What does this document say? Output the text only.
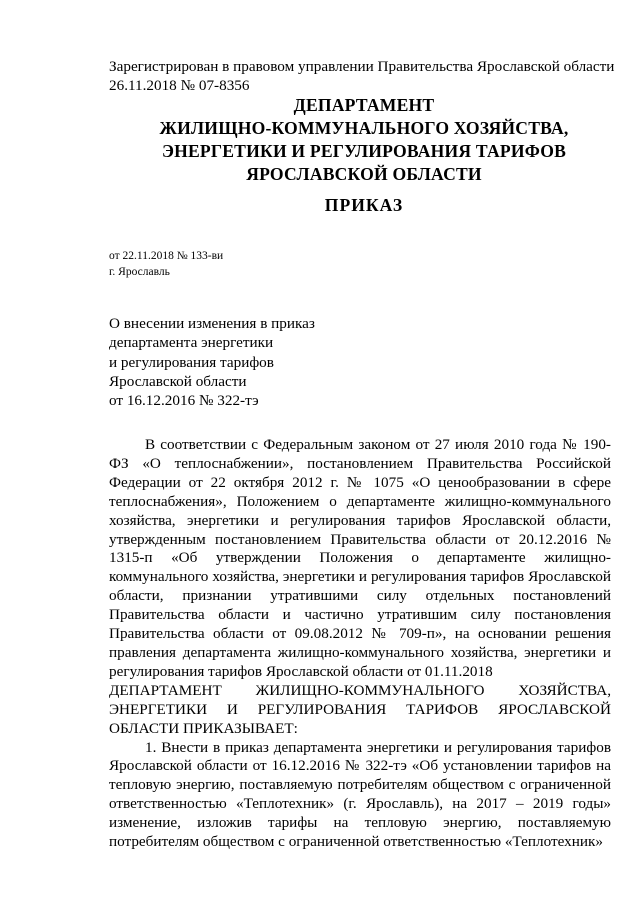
Зарегистрирован в правовом управлении Правительства Ярославской области
26.11.2018 № 07-8356
ДЕПАРТАМЕНТ
ЖИЛИЩНО-КОММУНАЛЬНОГО ХОЗЯЙСТВА,
ЭНЕРГЕТИКИ И РЕГУЛИРОВАНИЯ ТАРИФОВ
ЯРОСЛАВСКОЙ ОБЛАСТИ
ПРИКАЗ
от 22.11.2018 № 133-ви
г. Ярославль
О внесении изменения в приказ
департамента энергетики
и регулирования тарифов
Ярославской области
от 16.12.2016 № 322-тэ

В соответствии с Федеральным законом от 27 июля 2010 года № 190-ФЗ «О теплоснабжении», постановлением Правительства Российской Федерации от 22 октября 2012 г. № 1075 «О ценообразовании в сфере теплоснабжения», Положением о департаменте жилищно-коммунального хозяйства, энергетики и регулирования тарифов Ярославской области, утвержденным постановлением Правительства области от 20.12.2016 № 1315-п «Об утверждении Положения о департаменте жилищно-коммунального хозяйства, энергетики и регулирования тарифов Ярославской области, признании утратившими силу отдельных постановлений Правительства области и частично утратившим силу постановления Правительства области от 09.08.2012 № 709-п», на основании решения правления департамента жилищно-коммунального хозяйства, энергетики и регулирования тарифов Ярославской области от 01.11.2018

ДЕПАРТАМЕНТ ЖИЛИЩНО-КОММУНАЛЬНОГО ХОЗЯЙСТВА, ЭНЕРГЕТИКИ И РЕГУЛИРОВАНИЯ ТАРИФОВ ЯРОСЛАВСКОЙ ОБЛАСТИ ПРИКАЗЫВАЕТ:

1. Внести в приказ департамента энергетики и регулирования тарифов Ярославской области от 16.12.2016 № 322-тэ «Об установлении тарифов на тепловую энергию, поставляемую потребителям обществом с ограниченной ответственностью «Теплотехник» (г. Ярославль), на 2017 – 2019 годы» изменение, изложив тарифы на тепловую энергию, поставляемую потребителям обществом с ограниченной ответственностью «Теплотехник»
